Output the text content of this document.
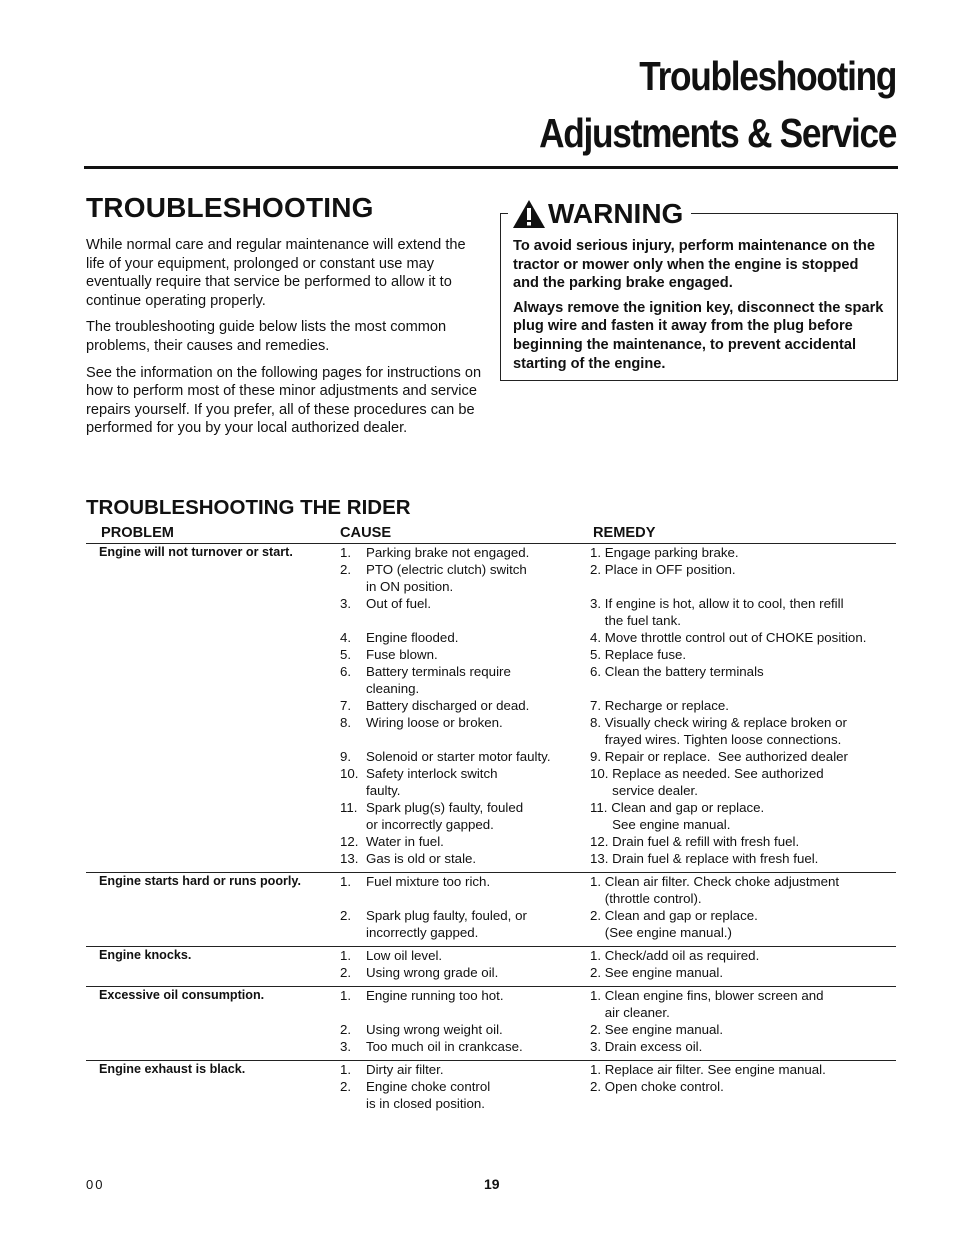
Troubleshooting
Adjustments & Service
TROUBLESHOOTING

While normal care and regular maintenance will extend the life of your equipment, prolonged or constant use may eventually require that service be performed to allow it to continue operating properly.

The troubleshooting guide below lists the most common problems, their causes and remedies.

See the information on the following pages for instructions on how to perform most of these minor adjustments and service repairs yourself. If you prefer, all of these procedures can be performed for you by your local authorized dealer.

WARNING

To avoid serious injury, perform maintenance on the tractor or mower only when the engine is stopped and the parking brake engaged.

Always remove the ignition key, disconnect the spark plug wire and fasten it away from the plug before beginning the maintenance, to prevent accidental starting of the engine.

TROUBLESHOOTING THE RIDER
PROBLEM	CAUSE	REMEDY
Engine will not turnover or start.	1. Parking brake not engaged.	1. Engage parking brake.
2. PTO (electric clutch) switch
in ON position.
2. Place in OFF position.
3. Out of fuel.	3. If engine is hot, allow it to cool, then refill
the fuel tank.
4. Engine flooded.	4. Move throttle control out of CHOKE position.
5. Fuse blown.	5. Replace fuse.
6. Battery terminals require
cleaning.
6. Clean the battery terminals
7. Battery discharged or dead.	7. Recharge or replace.
8. Wiring loose or broken.	8. Visually check wiring & replace broken or
frayed wires. Tighten loose connections.
9. Solenoid or starter motor faulty.	9. Repair or replace.  See authorized dealer
10. Safety interlock switch
faulty.
10. Replace as needed. See authorized
service dealer.
11. Spark plug(s) faulty, fouled
or incorrectly gapped.
11. Clean and gap or replace.
See engine manual.
12. Water in fuel.	12. Drain fuel & refill with fresh fuel.
13. Gas is old or stale.	13. Drain fuel & replace with fresh fuel.
Engine starts hard or runs poorly.	1. Fuel mixture too rich.	1. Clean air filter. Check choke adjustment
(throttle control).
2. Spark plug faulty, fouled, or
incorrectly gapped.
2. Clean and gap or replace.
(See engine manual.)
Engine knocks.	1. Low oil level.	1. Check/add oil as required.
2. Using wrong grade oil.	2. See engine manual.
Excessive oil consumption.	1. Engine running too hot.	1. Clean engine fins, blower screen and
air cleaner.
2. Using wrong weight oil.	2. See engine manual.
3. Too much oil in crankcase.	3. Drain excess oil.
Engine exhaust is black.	1. Dirty air filter.	1. Replace air filter. See engine manual.
2. Engine choke control
is in closed position.
2. Open choke control.
00	19
